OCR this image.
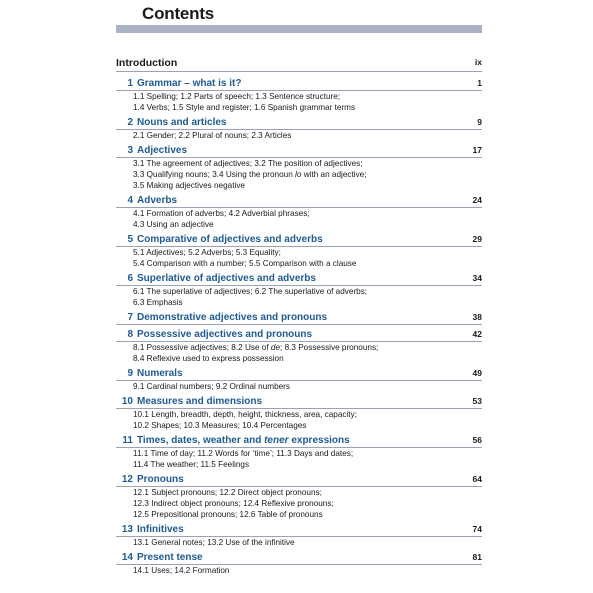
Contents
Introduction	ix
1 Grammar – what is it?	1
1.1 Spelling; 1.2 Parts of speech; 1.3 Sentence structure;
1.4 Verbs; 1.5 Style and register; 1.6 Spanish grammar terms
2 Nouns and articles	9
2.1 Gender; 2.2 Plural of nouns; 2.3 Articles
3 Adjectives	17
3.1 The agreement of adjectives; 3.2 The position of adjectives;
3.3 Qualifying nouns; 3.4 Using the pronoun lo with an adjective;
3.5 Making adjectives negative
4 Adverbs	24
4.1 Formation of adverbs; 4.2 Adverbial phrases;
4.3 Using an adjective
5 Comparative of adjectives and adverbs	29
5.1 Adjectives; 5.2 Adverbs; 5.3 Equality;
5.4 Comparison with a number; 5.5 Comparison with a clause
6 Superlative of adjectives and adverbs	34
6.1 The superlative of adjectives; 6.2 The superlative of adverbs;
6.3 Emphasis
7 Demonstrative adjectives and pronouns	38
8 Possessive adjectives and pronouns	42
8.1 Possessive adjectives; 8.2 Use of de; 8.3 Possessive pronouns;
8.4 Reflexive used to express possession
9 Numerals	49
9.1 Cardinal numbers; 9.2 Ordinal numbers
10 Measures and dimensions	53
10.1 Length, breadth, depth, height, thickness, area, capacity;
10.2 Shapes; 10.3 Measures; 10.4 Percentages
11 Times, dates, weather and tener expressions	56
11.1 Time of day; 11.2 Words for ‘time’; 11.3 Days and dates;
11.4 The weather; 11.5 Feelings
12 Pronouns	64
12.1 Subject pronouns; 12.2 Direct object pronouns;
12.3 Indirect object pronouns; 12.4 Reflexive pronouns;
12.5 Prepositional pronouns; 12.6 Table of pronouns
13 Infinitives	74
13.1 General notes; 13.2 Use of the infinitive
14 Present tense	81
14.1 Uses; 14.2 Formation
